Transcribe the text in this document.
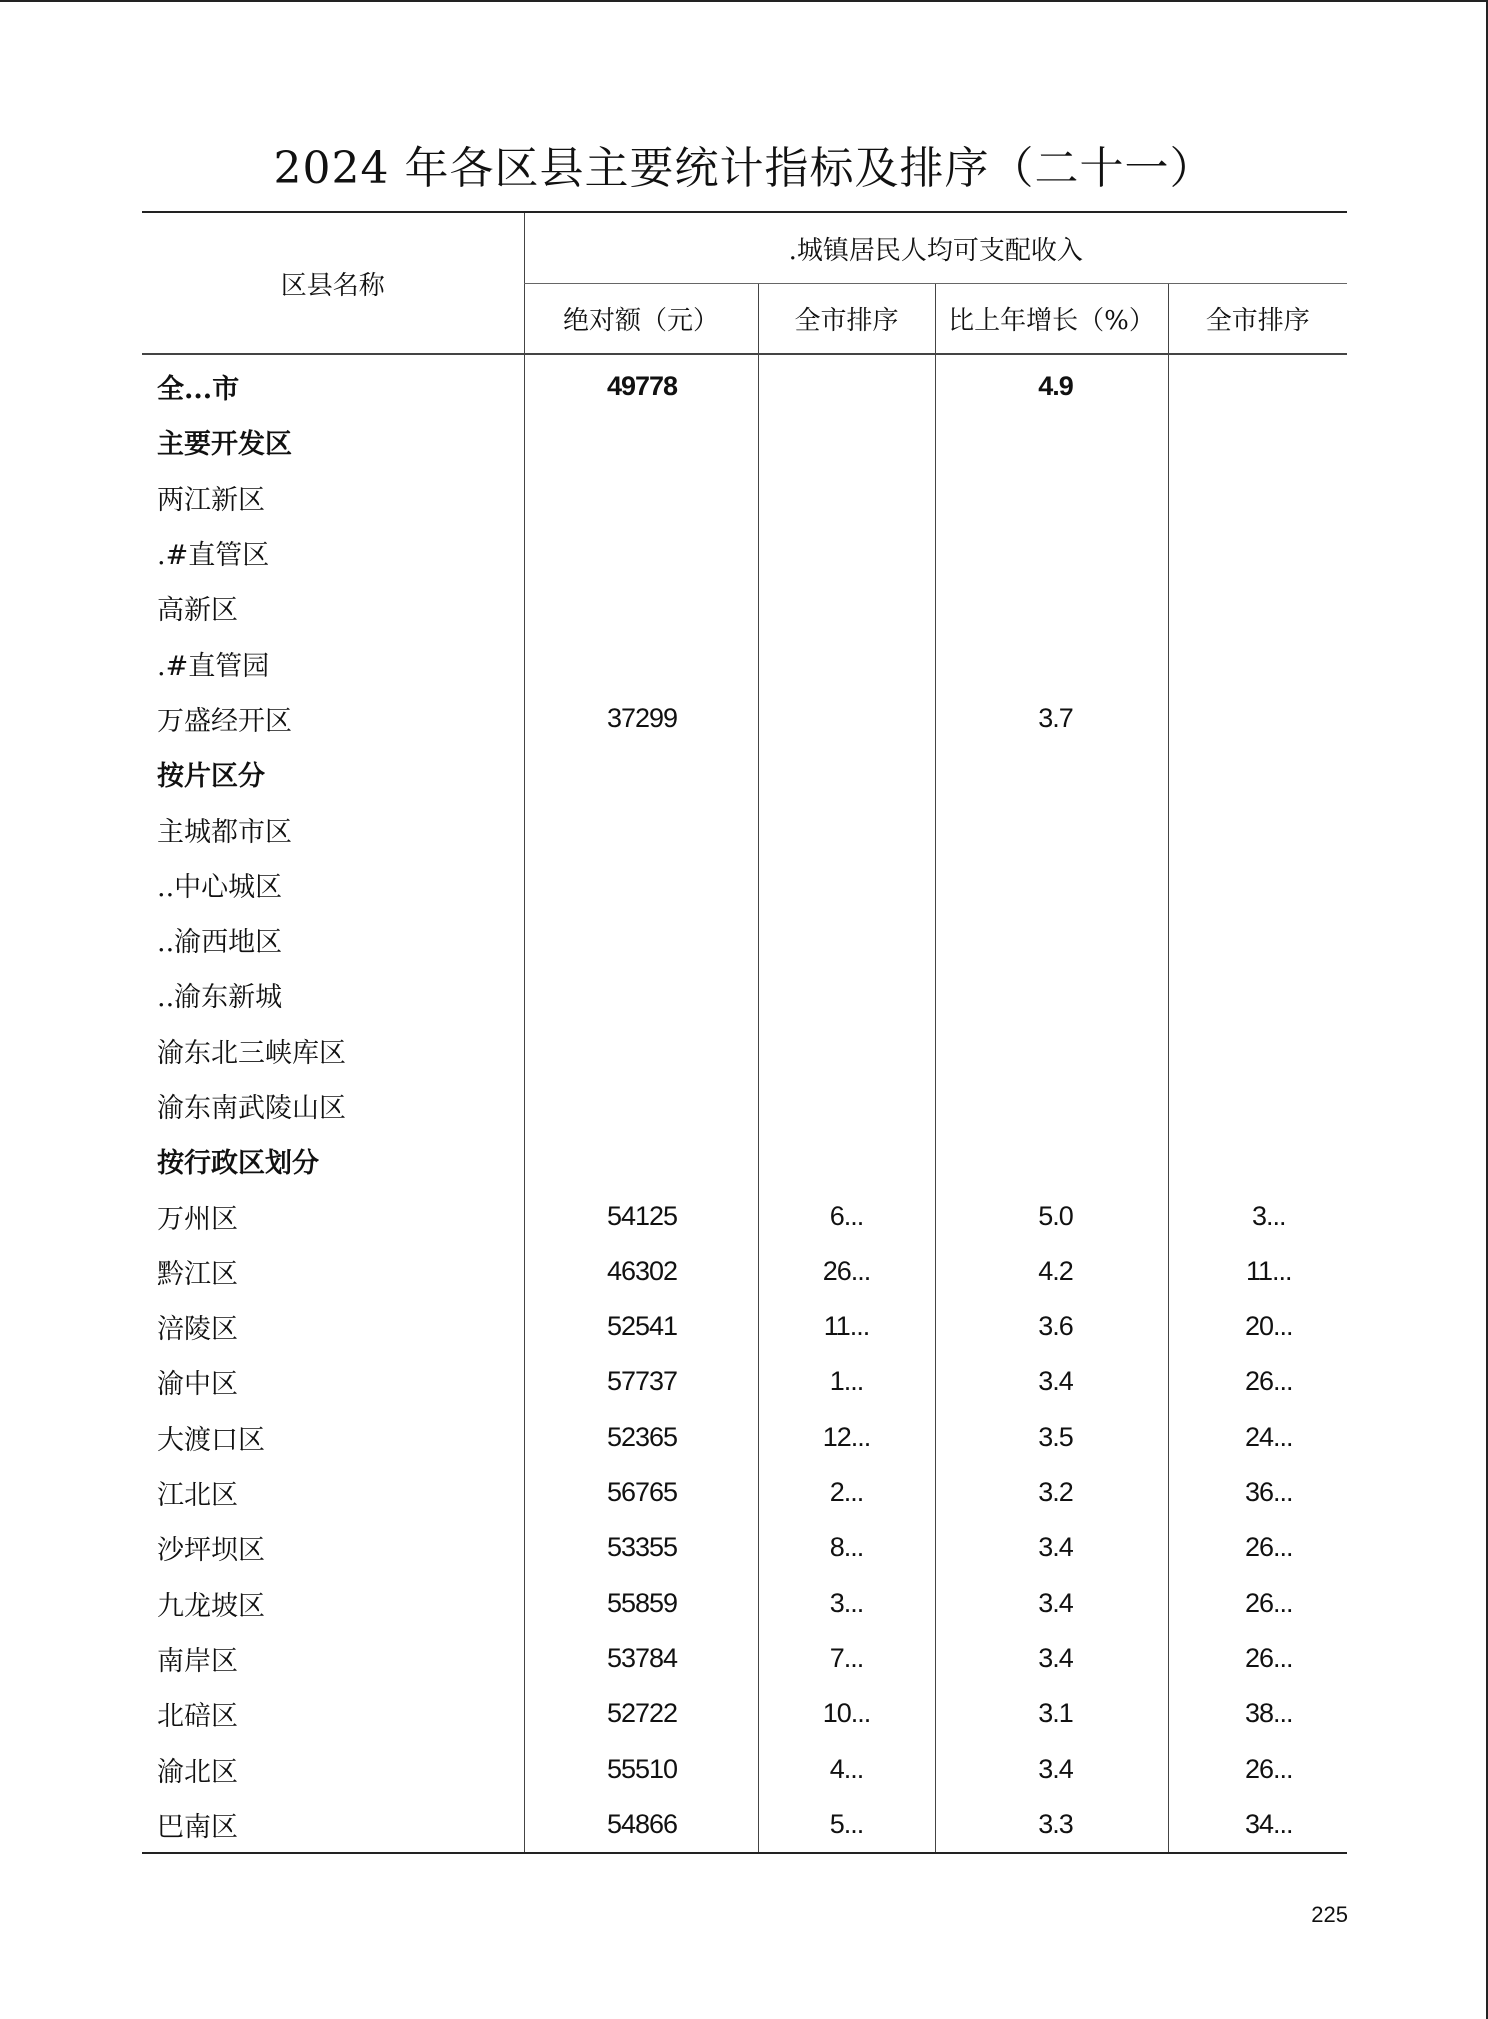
2024 年各区县主要统计指标及排序（二十一）
区县名称	.城镇居民人均可支配收入			
	绝对额（元）	全市排序	比上年增长（%）	全市排序
全...市	49778		4.9	
主要开发区				
两江新区				
.#直管区				
高新区				
.#直管园				
万盛经开区	37299		3.7	
按片区分				
主城都市区				
..中心城区				
..渝西地区				
..渝东新城				
渝东北三峡库区				
渝东南武陵山区				
按行政区划分				
万州区	54125	6...	5.0	3...
黔江区	46302	26...	4.2	11...
涪陵区	52541	11...	3.6	20...
渝中区	57737	1...	3.4	26...
大渡口区	52365	12...	3.5	24...
江北区	56765	2...	3.2	36...
沙坪坝区	53355	8...	3.4	26...
九龙坡区	55859	3...	3.4	26...
南岸区	53784	7...	3.4	26...
北碚区	52722	10...	3.1	38...
渝北区	55510	4...	3.4	26...
巴南区	54866	5...	3.3	34...
225
